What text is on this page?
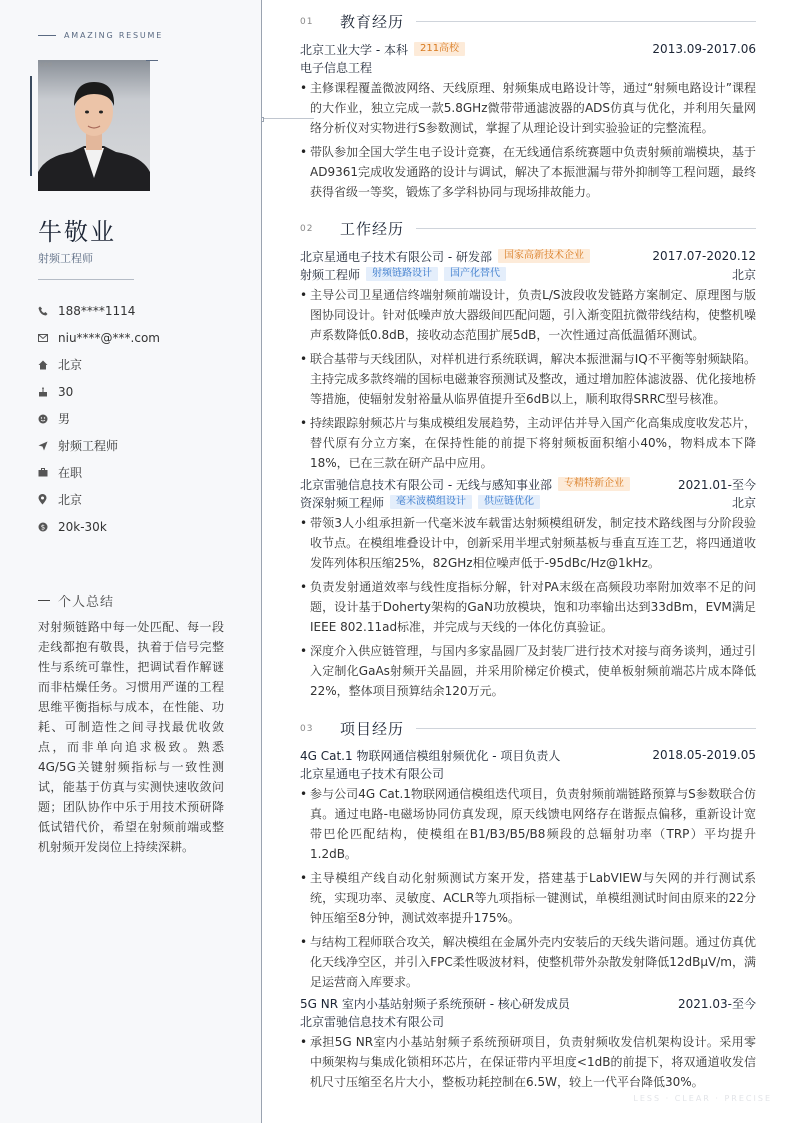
AMAZING RESUME
证件照
牛敬业
射频工程师
188****1114
niu****@***.com
北京
30
男
射频工程师
在职
北京
$ 20k-30k
个人总结
对射频链路中每一处匹配、每一段走线都抱有敬畏，执着于信号完整性与系统可靠性，把调试看作解谜而非枯燥任务。习惯用严谨的工程思维平衡指标与成本，在性能、功耗、可制造性之间寻找最优收敛点，而非单向追求极致。熟悉4G/5G关键射频指标与一致性测试，能基于仿真与实测快速收敛问题；团队协作中乐于用技术预研降低试错代价，希望在射频前端或整机射频开发岗位上持续深耕。
01	教育经历
北京工业大学 - 本科	211高校	2013.09-2017.06
电子信息工程
• 主修课程覆盖微波网络、天线原理、射频集成电路设计等，通过“射频电路设计”课程的大作业，独立完成一款5.8GHz微带带通滤波器的ADS仿真与优化，并利用矢量网络分析仪对实物进行S参数测试，掌握了从理论设计到实验验证的完整流程。
• 带队参加全国大学生电子设计竞赛，在无线通信系统赛题中负责射频前端模块，基于AD9361完成收发通路的设计与调试，解决了本振泄漏与带外抑制等工程问题，最终获得省级一等奖，锻炼了多学科协同与现场排故能力。
02	工作经历
北京星通电子技术有限公司 - 研发部	国家高新技术企业	2017.07-2020.12
射频工程师	射频链路设计	国产化替代	北京
• 主导公司卫星通信终端射频前端设计，负责L/S波段收发链路方案制定、原理图与版图协同设计。针对低噪声放大器级间匹配问题，引入渐变阻抗微带线结构，使整机噪声系数降低0.8dB，接收动态范围扩展5dB，一次性通过高低温循环测试。
• 联合基带与天线团队，对样机进行系统联调，解决本振泄漏与IQ不平衡等射频缺陷。主持完成多款终端的国标电磁兼容预测试及整改，通过增加腔体滤波器、优化接地桥等措施，使辐射发射裕量从临界值提升至6dB以上，顺利取得SRRC型号核准。
• 持续跟踪射频芯片与集成模组发展趋势，主动评估并导入国产化高集成度收发芯片，替代原有分立方案，在保持性能的前提下将射频板面积缩小40%，物料成本下降18%，已在三款在研产品中应用。
北京雷驰信息技术有限公司 - 无线与感知事业部	专精特新企业	2021.01-至今
资深射频工程师	毫米波模组设计	供应链优化	北京
• 带领3人小组承担新一代毫米波车载雷达射频模组研发，制定技术路线图与分阶段验收节点。在模组堆叠设计中，创新采用半埋式射频基板与垂直互连工艺，将四通道收发阵列体积压缩25%，82GHz相位噪声低于-95dBc/Hz@1kHz。
• 负责发射通道效率与线性度指标分解，针对PA末级在高频段功率附加效率不足的问题，设计基于Doherty架构的GaN功放模块，饱和功率输出达到33dBm，EVM满足IEEE 802.11ad标准，并完成与天线的一体化仿真验证。
• 深度介入供应链管理，与国内多家晶圆厂及封装厂进行技术对接与商务谈判，通过引入定制化GaAs射频开关晶圆，并采用阶梯定价模式，使单板射频前端芯片成本降低22%，整体项目预算结余120万元。
03	项目经历
4G Cat.1 物联网通信模组射频优化 - 项目负责人	2018.05-2019.05
北京星通电子技术有限公司
• 参与公司4G Cat.1物联网通信模组迭代项目，负责射频前端链路预算与S参数联合仿真。通过电路-电磁场协同仿真发现，原天线馈电网络存在谐振点偏移，重新设计宽带巴伦匹配结构，使模组在B1/B3/B5/B8频段的总辐射功率（TRP）平均提升1.2dB。
• 主导模组产线自动化射频测试方案开发，搭建基于LabVIEW与矢网的并行测试系统，实现功率、灵敏度、ACLR等九项指标一键测试，单模组测试时间由原来的22分钟压缩至8分钟，测试效率提升175%。
• 与结构工程师联合攻关，解决模组在金属外壳内安装后的天线失谐问题。通过仿真优化天线净空区，并引入FPC柔性吸波材料，使整机带外杂散发射降低12dBμV/m，满足运营商入库要求。
5G NR 室内小基站射频子系统预研 - 核心研发成员	2021.03-至今
北京雷驰信息技术有限公司
• 承担5G NR室内小基站射频子系统预研项目，负责射频收发信机架构设计。采用零中频架构与集成化锁相环芯片，在保证带内平坦度<1dB的前提下，将双通道收发信机尺寸压缩至名片大小，整板功耗控制在6.5W，较上一代平台降低30%。
LESS · CLEAR · PRECISE
